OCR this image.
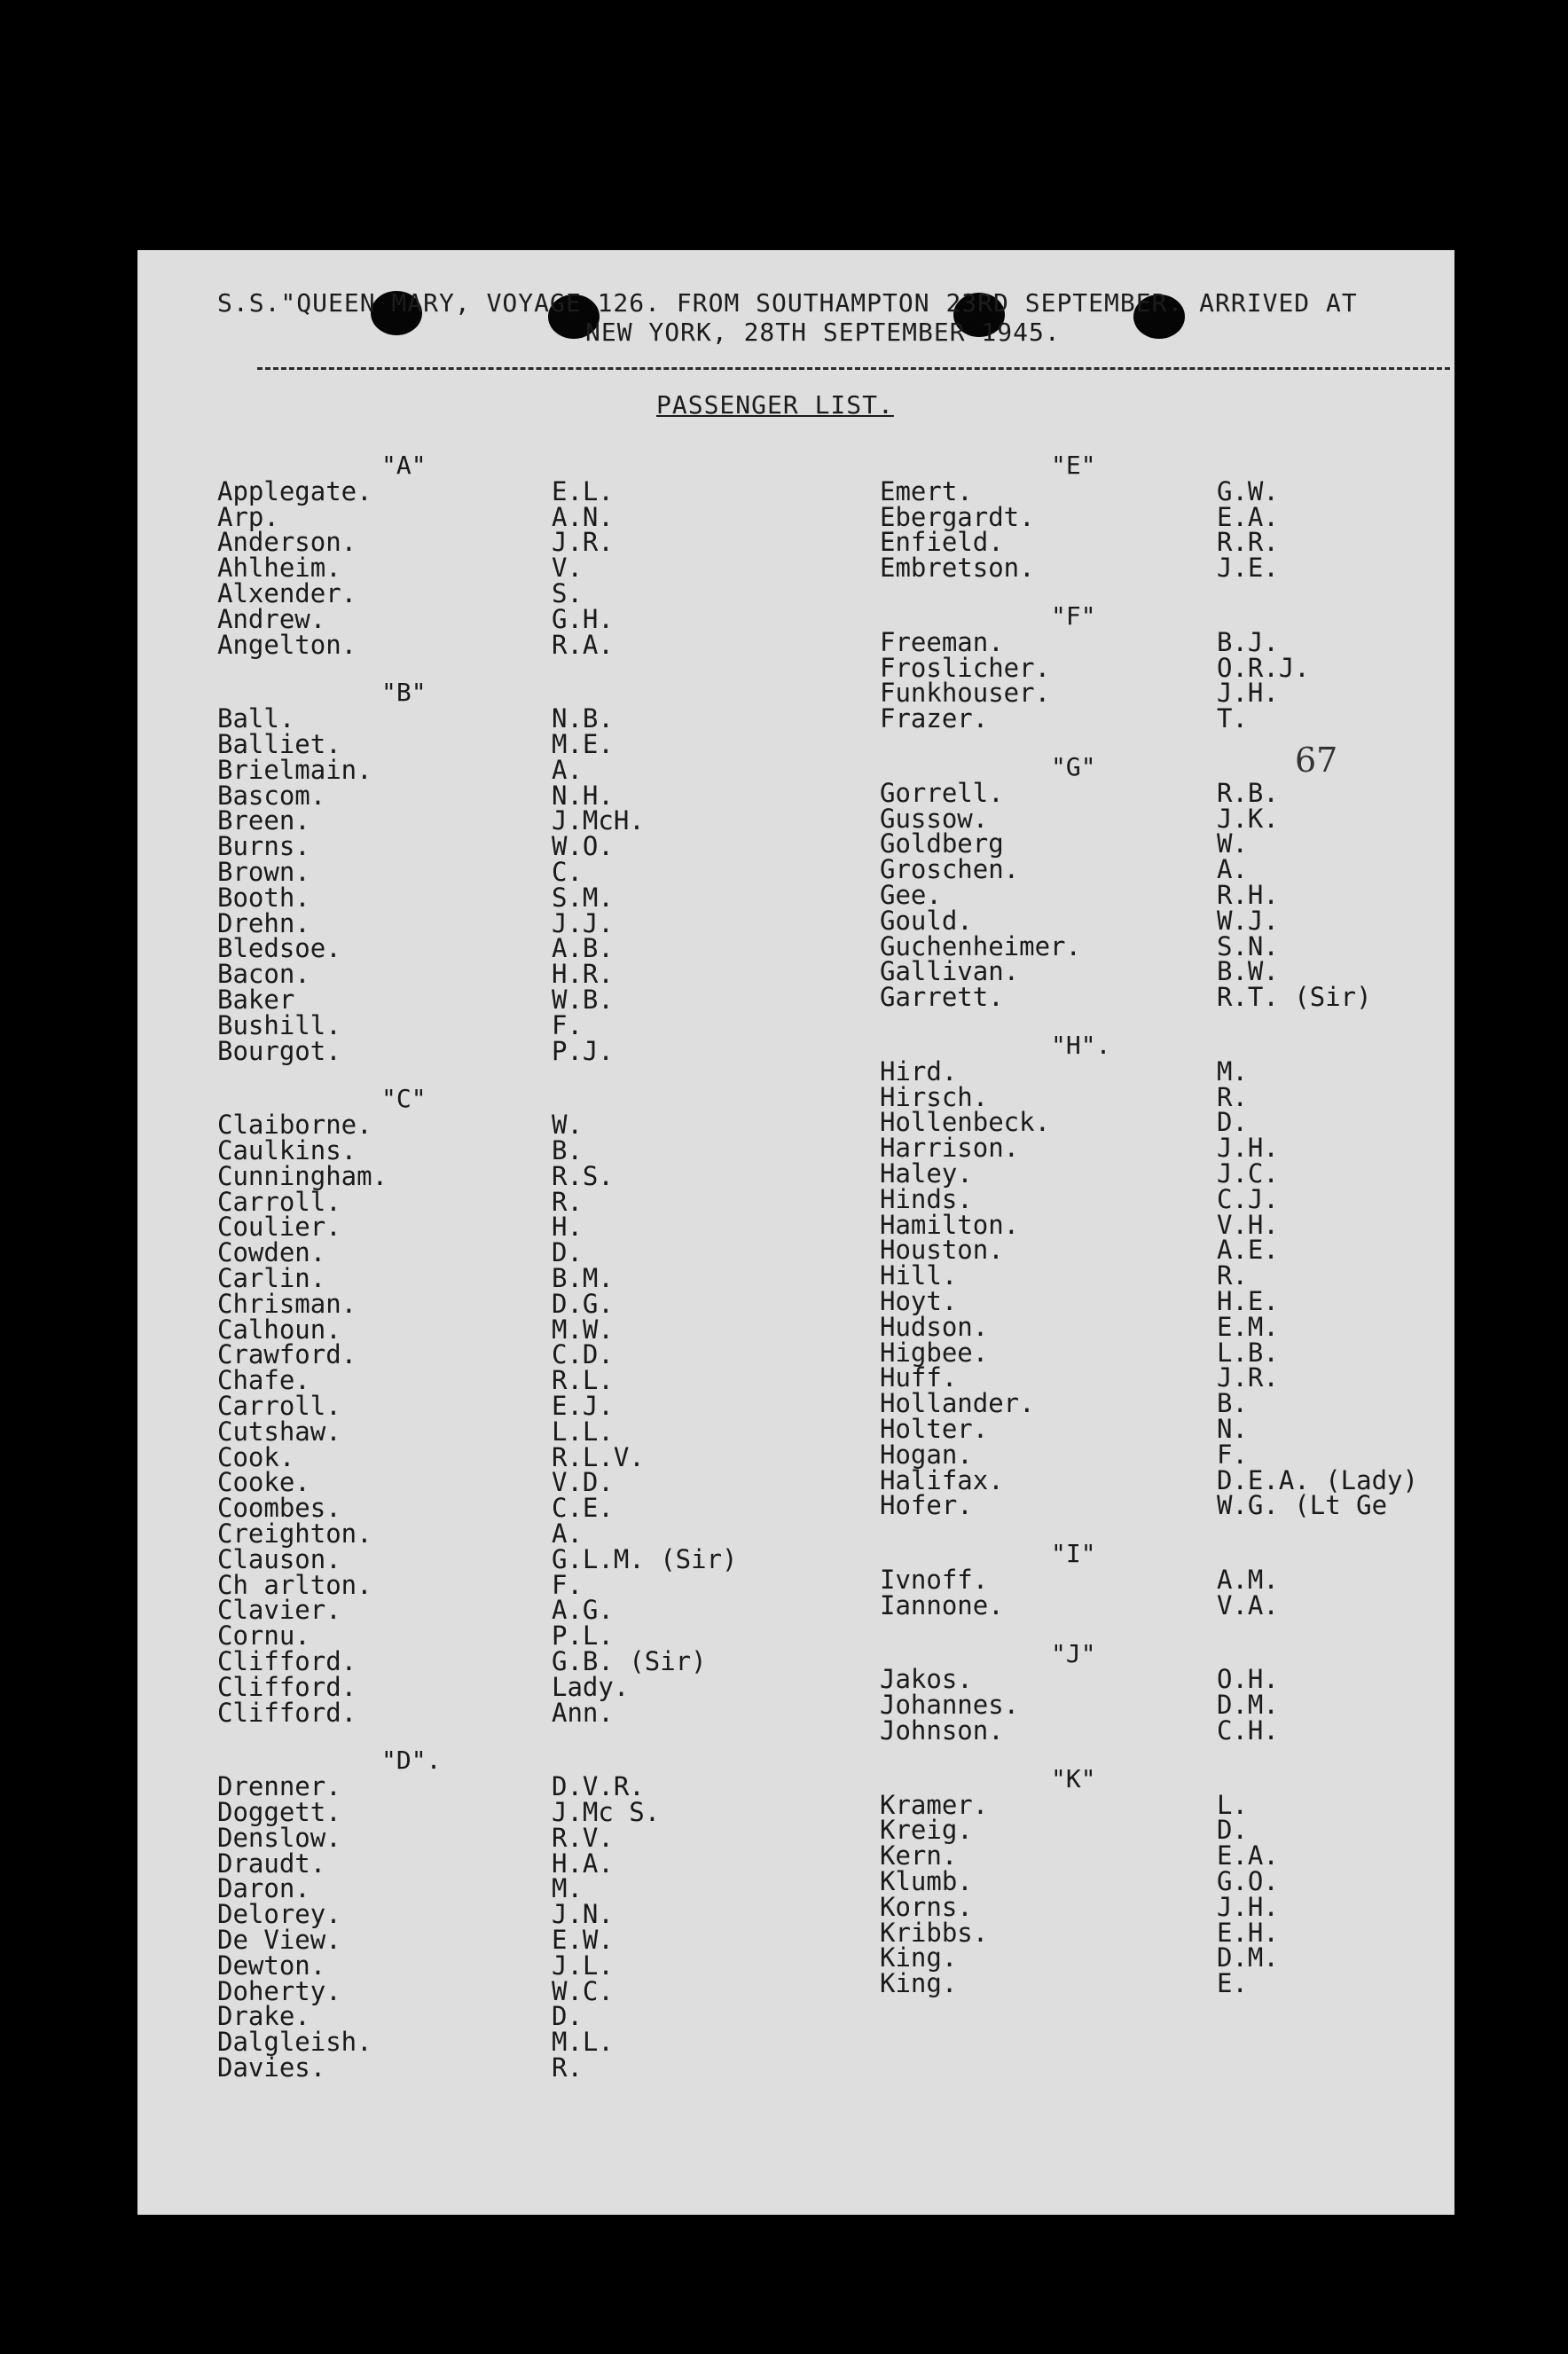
S.S."QUEEN MARY, VOYAGE 126. FROM SOUTHAMPTON 23RD SEPTEMBER. ARRIVED AT
NEW YORK, 28TH SEPTEMBER 1945.
PASSENGER LIST.
67
"A"
Applegate.	E.L.
Arp.	A.N.
Anderson.	J.R.
Ahlheim.	V.
Alxender.	S.
Andrew.	G.H.
Angelton.	R.A.
"B"
Ball.	N.B.
Balliet.	M.E.
Brielmain.	A.
Bascom.	N.H.
Breen.	J.McH.
Burns.	W.O.
Brown.	C.
Booth.	S.M.
Drehn.	J.J.
Bledsoe.	A.B.
Bacon.	H.R.
Baker	W.B.
Bushill.	F.
Bourgot.	P.J.
"C"
Claiborne.	W.
Caulkins.	B.
Cunningham.	R.S.
Carroll.	R.
Coulier.	H.
Cowden.	D.
Carlin.	B.M.
Chrisman.	D.G.
Calhoun.	M.W.
Crawford.	C.D.
Chafe.	R.L.
Carroll.	E.J.
Cutshaw.	L.L.
Cook.	R.L.V.
Cooke.	V.D.
Coombes.	C.E.
Creighton.	A.
Clauson.	G.L.M. (Sir)
Ch arlton.	F.
Clavier.	A.G.
Cornu.	P.L.
Clifford.	G.B. (Sir)
Clifford.	Lady.
Clifford.	Ann.
"D".
Drenner.	D.V.R.
Doggett.	J.Mc S.
Denslow.	R.V.
Draudt.	H.A.
Daron.	M.
Delorey.	J.N.
De View.	E.W.
Dewton.	J.L.
Doherty.	W.C.
Drake.	D.
Dalgleish.	M.L.
Davies.	R.
"E"
Emert.	G.W.
Ebergardt.	E.A.
Enfield.	R.R.
Embretson.	J.E.
"F"
Freeman.	B.J.
Froslicher.	O.R.J.
Funkhouser.	J.H.
Frazer.	T.
"G"
Gorrell.	R.B.
Gussow.	J.K.
Goldberg	W.
Groschen.	A.
Gee.	R.H.
Gould.	W.J.
Guchenheimer.	S.N.
Gallivan.	B.W.
Garrett.	R.T. (Sir)
"H".
Hird.	M.
Hirsch.	R.
Hollenbeck.	D.
Harrison.	J.H.
Haley.	J.C.
Hinds.	C.J.
Hamilton.	V.H.
Houston.	A.E.
Hill.	R.
Hoyt.	H.E.
Hudson.	E.M.
Higbee.	L.B.
Huff.	J.R.
Hollander.	B.
Holter.	N.
Hogan.	F.
Halifax.	D.E.A. (Lady)
Hofer.	W.G. (Lt Ge
"I"
Ivnoff.	A.M.
Iannone.	V.A.
"J"
Jakos.	O.H.
Johannes.	D.M.
Johnson.	C.H.
"K"
Kramer.	L.
Kreig.	D.
Kern.	E.A.
Klumb.	G.O.
Korns.	J.H.
Kribbs.	E.H.
King.	D.M.
King.	E.
